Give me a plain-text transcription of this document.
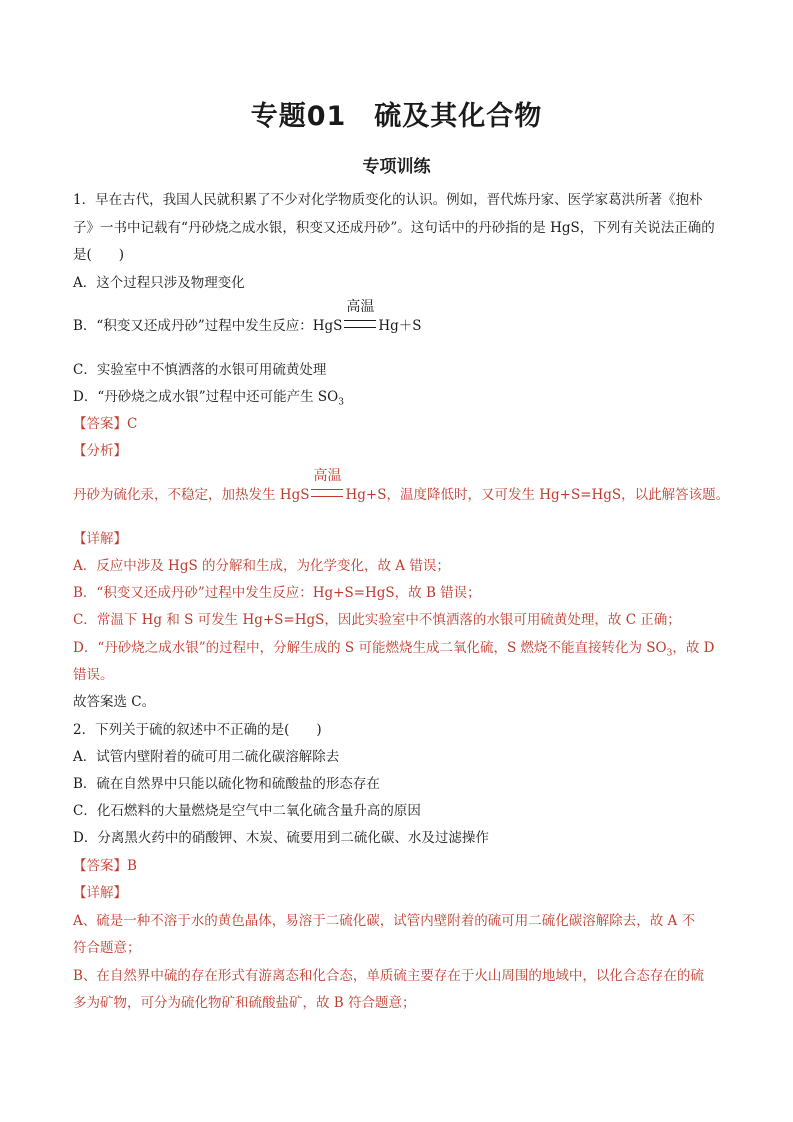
专题01　硫及其化合物
专项训练
1．早在古代，我国人民就积累了不少对化学物质变化的认识。例如，晋代炼丹家、医学家葛洪所著《抱朴
子》一书中记载有“丹砂烧之成水银，积变又还成丹砂”。这句话中的丹砂指的是 HgS，下列有关说法正确的
是(　　)
A．这个过程只涉及物理变化
B．“积变又还成丹砂”过程中发生反应：HgS
高温
Hg＋S
C．实验室中不慎洒落的水银可用硫黄处理
D．“丹砂烧之成水银”过程中还可能产生 $SO_3$
【答案】C
【分析】
丹砂为硫化汞，不稳定，加热发生 HgS
高温
Hg+S，温度降低时，又可发生 Hg+S=HgS，以此解答该题。
【详解】
A．反应中涉及 HgS 的分解和生成，为化学变化，故 A 错误；
B．“积变又还成丹砂”过程中发生反应：Hg+S=HgS，故 B 错误；
C．常温下 Hg 和 S 可发生 Hg+S=HgS，因此实验室中不慎洒落的水银可用硫黄处理，故 C 正确；
D．“丹砂烧之成水银”的过程中，分解生成的 S 可能燃烧生成二氧化硫，S 燃烧不能直接转化为 $SO_3$，故 D
错误。
故答案选 C。
2．下列关于硫的叙述中不正确的是(　　)
A．试管内壁附着的硫可用二硫化碳溶解除去
B．硫在自然界中只能以硫化物和硫酸盐的形态存在
C．化石燃料的大量燃烧是空气中二氧化硫含量升高的原因
D．分离黑火药中的硝酸钾、木炭、硫要用到二硫化碳、水及过滤操作
【答案】B
【详解】
A、硫是一种不溶于水的黄色晶体，易溶于二硫化碳，试管内壁附着的硫可用二硫化碳溶解除去，故 A 不
符合题意；
B、在自然界中硫的存在形式有游离态和化合态，单质硫主要存在于火山周围的地域中，以化合态存在的硫
多为矿物，可分为硫化物矿和硫酸盐矿，故 B 符合题意；
